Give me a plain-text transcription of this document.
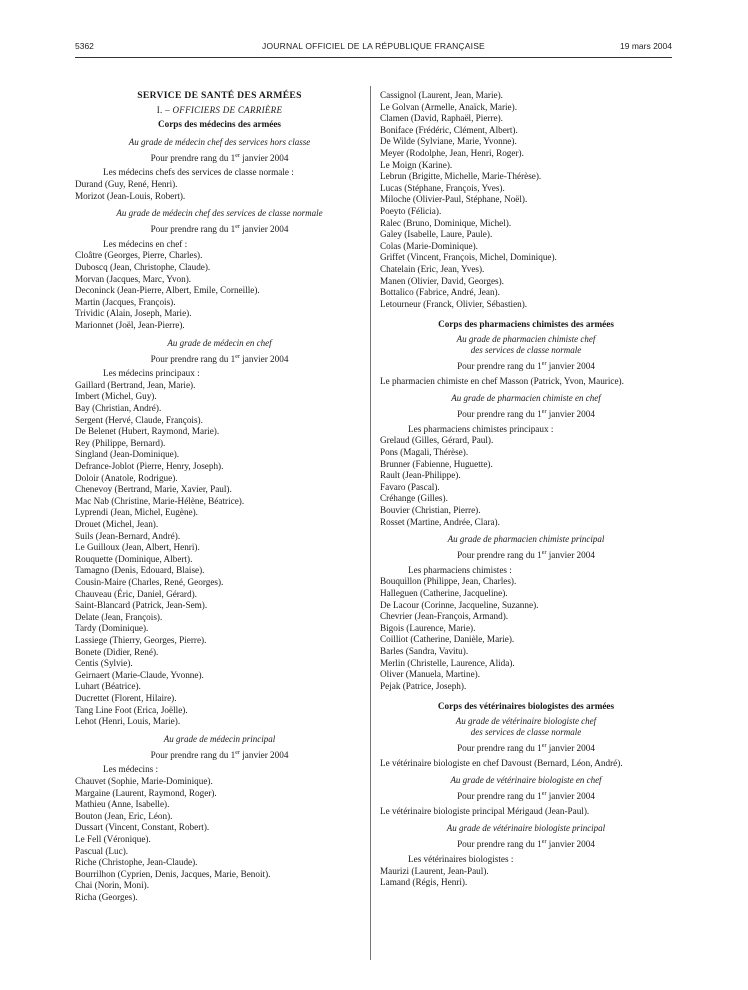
5362	JOURNAL OFFICIEL DE LA RÉPUBLIQUE FRANÇAISE	19 mars 2004
SERVICE DE SANTÉ DES ARMÉES
I. – OFFICIERS DE CARRIÈRE
Corps des médecins des armées
Au grade de médecin chef des services hors classe
Pour prendre rang du 1er janvier 2004
Les médecins chefs des services de classe normale :
Durand (Guy, René, Henri).
Morizot (Jean-Louis, Robert).
Au grade de médecin chef des services de classe normale
Pour prendre rang du 1er janvier 2004
Les médecins en chef :
Cloâtre (Georges, Pierre, Charles).
Duboscq (Jean, Christophe, Claude).
Morvan (Jacques, Marc, Yvon).
Deconinck (Jean-Pierre, Albert, Emile, Corneille).
Martin (Jacques, François).
Trividic (Alain, Joseph, Marie).
Marionnet (Joël, Jean-Pierre).
Au grade de médecin en chef
Pour prendre rang du 1er janvier 2004
Les médecins principaux :
Gaillard (Bertrand, Jean, Marie).
Imbert (Michel, Guy).
Bay (Christian, André).
Sergent (Hervé, Claude, François).
De Belenet (Hubert, Raymond, Marie).
Rey (Philippe, Bernard).
Singland (Jean-Dominique).
Defrance-Joblot (Pierre, Henry, Joseph).
Doloir (Anatole, Rodrigue).
Chenevoy (Bertrand, Marie, Xavier, Paul).
Mac Nab (Christine, Marie-Hélène, Béatrice).
Lyprendi (Jean, Michel, Eugène).
Drouet (Michel, Jean).
Suils (Jean-Bernard, André).
Le Guilloux (Jean, Albert, Henri).
Rouquette (Dominique, Albert).
Tamagno (Denis, Edouard, Blaise).
Cousin-Maire (Charles, René, Georges).
Chauveau (Éric, Daniel, Gérard).
Saint-Blancard (Patrick, Jean-Sem).
Delate (Jean, François).
Tardy (Dominique).
Lassiege (Thierry, Georges, Pierre).
Bonete (Didier, René).
Centis (Sylvie).
Geirnaert (Marie-Claude, Yvonne).
Luhart (Béatrice).
Ducrettet (Florent, Hilaire).
Tang Line Foot (Erica, Joëlle).
Lehot (Henri, Louis, Marie).
Au grade de médecin principal
Pour prendre rang du 1er janvier 2004
Les médecins :
Chauvet (Sophie, Marie-Dominique).
Margaine (Laurent, Raymond, Roger).
Mathieu (Anne, Isabelle).
Bouton (Jean, Eric, Léon).
Dussart (Vincent, Constant, Robert).
Le Fell (Véronique).
Pascual (Luc).
Riche (Christophe, Jean-Claude).
Bourrilhon (Cyprien, Denis, Jacques, Marie, Benoit).
Chai (Norin, Moni).
Richa (Georges).
Cassignol (Laurent, Jean, Marie).
Le Golvan (Armelle, Anaïck, Marie).
Clamen (David, Raphaël, Pierre).
Boniface (Frédéric, Clément, Albert).
De Wilde (Sylviane, Marie, Yvonne).
Meyer (Rodolphe, Jean, Henri, Roger).
Le Moign (Karine).
Lebrun (Brigitte, Michelle, Marie-Thérèse).
Lucas (Stéphane, François, Yves).
Miloche (Olivier-Paul, Stéphane, Noël).
Poeyto (Félicia).
Ralec (Bruno, Dominique, Michel).
Galey (Isabelle, Laure, Paule).
Colas (Marie-Dominique).
Griffet (Vincent, François, Michel, Dominique).
Chatelain (Eric, Jean, Yves).
Manen (Olivier, David, Georges).
Bottalico (Fabrice, André, Jean).
Letourneur (Franck, Olivier, Sébastien).
Corps des pharmaciens chimistes des armées
Au grade de pharmacien chimiste chef
des services de classe normale
Pour prendre rang du 1er janvier 2004
Le pharmacien chimiste en chef Masson (Patrick, Yvon, Maurice).
Au grade de pharmacien chimiste en chef
Pour prendre rang du 1er janvier 2004
Les pharmaciens chimistes principaux :
Grelaud (Gilles, Gérard, Paul).
Pons (Magali, Thérèse).
Brunner (Fabienne, Huguette).
Rault (Jean-Philippe).
Favaro (Pascal).
Créhange (Gilles).
Bouvier (Christian, Pierre).
Rosset (Martine, Andrée, Clara).
Au grade de pharmacien chimiste principal
Pour prendre rang du 1er janvier 2004
Les pharmaciens chimistes :
Bouquillon (Philippe, Jean, Charles).
Halleguen (Catherine, Jacqueline).
De Lacour (Corinne, Jacqueline, Suzanne).
Chevrier (Jean-François, Armand).
Bigois (Laurence, Marie).
Coilliot (Catherine, Danièle, Marie).
Barles (Sandra, Vavitu).
Merlin (Christelle, Laurence, Alida).
Oliver (Manuela, Martine).
Pejak (Patrice, Joseph).
Corps des vétérinaires biologistes des armées
Au grade de vétérinaire biologiste chef
des services de classe normale
Pour prendre rang du 1er janvier 2004
Le vétérinaire biologiste en chef Davoust (Bernard, Léon, André).
Au grade de vétérinaire biologiste en chef
Pour prendre rang du 1er janvier 2004
Le vétérinaire biologiste principal Mérigaud (Jean-Paul).
Au grade de vétérinaire biologiste principal
Pour prendre rang du 1er janvier 2004
Les vétérinaires biologistes :
Maurizi (Laurent, Jean-Paul).
Lamand (Régis, Henri).
